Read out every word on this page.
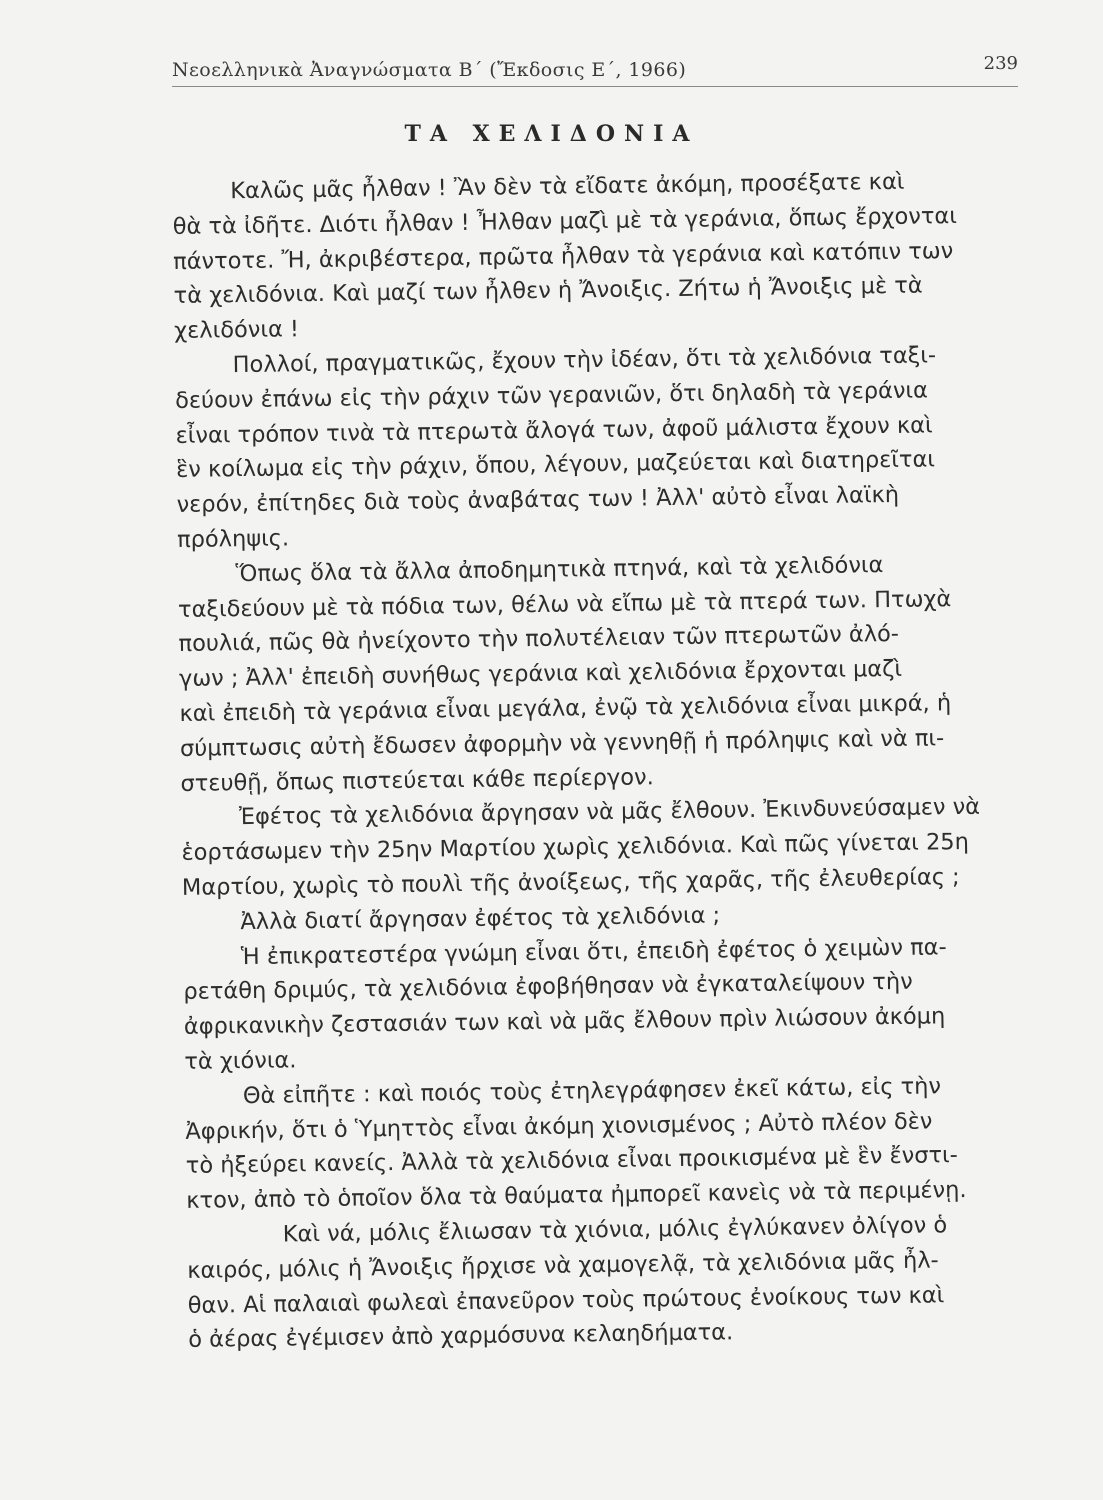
Νεοελληνικὰ Ἀναγνώσματα Β΄ (Ἔκδοσις Ε΄, 1966)	239
ΤΑ ΧΕΛΙΔΟΝΙΑ
Καλῶς μᾶς ἦλθαν ! Ἂν δὲν τὰ εἴδατε ἀκόμη, προσέξατε καὶ
θὰ τὰ ἰδῆτε. Διότι ἦλθαν ! Ἦλθαν μαζὶ μὲ τὰ γεράνια, ὅπως ἔρχονται
πάντοτε. Ἤ, ἀκριβέστερα, πρῶτα ἦλθαν τὰ γεράνια καὶ κατόπιν των
τὰ χελιδόνια. Καὶ μαζί των ἦλθεν ἡ Ἄνοιξις. Ζήτω ἡ Ἄνοιξις μὲ τὰ
χελιδόνια !
Πολλοί, πραγματικῶς, ἔχουν τὴν ἰδέαν, ὅτι τὰ χελιδόνια ταξι-
δεύουν ἐπάνω εἰς τὴν ράχιν τῶν γερανιῶν, ὅτι δηλαδὴ τὰ γεράνια
εἶναι τρόπον τινὰ τὰ πτερωτὰ ἄλογά των, ἀφοῦ μάλιστα ἔχουν καὶ
ἓν κοίλωμα εἰς τὴν ράχιν, ὅπου, λέγουν, μαζεύεται καὶ διατηρεῖται
νερόν, ἐπίτηδες διὰ τοὺς ἀναβάτας των ! Ἀλλ' αὐτὸ εἶναι λαϊκὴ
πρόληψις.
Ὅπως ὅλα τὰ ἄλλα ἀποδημητικὰ πτηνά, καὶ τὰ χελιδόνια
ταξιδεύουν μὲ τὰ πόδια των, θέλω νὰ εἴπω μὲ τὰ πτερά των. Πτωχὰ
πουλιά, πῶς θὰ ἠνείχοντο τὴν πολυτέλειαν τῶν πτερωτῶν ἀλό-
γων ; Ἀλλ' ἐπειδὴ συνήθως γεράνια καὶ χελιδόνια ἔρχονται μαζὶ
καὶ ἐπειδὴ τὰ γεράνια εἶναι μεγάλα, ἐνῷ τὰ χελιδόνια εἶναι μικρά, ἡ
σύμπτωσις αὐτὴ ἔδωσεν ἀφορμὴν νὰ γεννηθῇ ἡ πρόληψις καὶ νὰ πι-
στευθῇ, ὅπως πιστεύεται κάθε περίεργον.
Ἐφέτος τὰ χελιδόνια ἄργησαν νὰ μᾶς ἔλθουν. Ἐκινδυνεύσαμεν νὰ
ἑορτάσωμεν τὴν 25ην Μαρτίου χωρὶς χελιδόνια. Καὶ πῶς γίνεται 25η
Μαρτίου, χωρὶς τὸ πουλὶ τῆς ἀνοίξεως, τῆς χαρᾶς, τῆς ἐλευθερίας ;
Ἀλλὰ διατί ἄργησαν ἐφέτος τὰ χελιδόνια ;
Ἡ ἐπικρατεστέρα γνώμη εἶναι ὅτι, ἐπειδὴ ἐφέτος ὁ χειμὼν πα-
ρετάθη δριμύς, τὰ χελιδόνια ἐφοβήθησαν νὰ ἐγκαταλείψουν τὴν
ἀφρικανικὴν ζεστασιάν των καὶ νὰ μᾶς ἔλθουν πρὶν λιώσουν ἀκόμη
τὰ χιόνια.
Θὰ εἰπῆτε : καὶ ποιός τοὺς ἐτηλεγράφησεν ἐκεῖ κάτω, εἰς τὴν
Ἀφρικήν, ὅτι ὁ Ὑμηττὸς εἶναι ἀκόμη χιονισμένος ; Αὐτὸ πλέον δὲν
τὸ ἠξεύρει κανείς. Ἀλλὰ τὰ χελιδόνια εἶναι προικισμένα μὲ ἓν ἔνστι-
κτον, ἀπὸ τὸ ὁποῖον ὅλα τὰ θαύματα ἠμπορεῖ κανεὶς νὰ τὰ περιμένῃ.
Καὶ νά, μόλις ἔλιωσαν τὰ χιόνια, μόλις ἐγλύκανεν ὀλίγον ὁ
καιρός, μόλις ἡ Ἄνοιξις ἤρχισε νὰ χαμογελᾷ, τὰ χελιδόνια μᾶς ἦλ-
θαν. Αἱ παλαιαὶ φωλεαὶ ἐπανεῦρον τοὺς πρώτους ἐνοίκους των καὶ
ὁ ἀέρας ἐγέμισεν ἀπὸ χαρμόσυνα κελαηδήματα.
